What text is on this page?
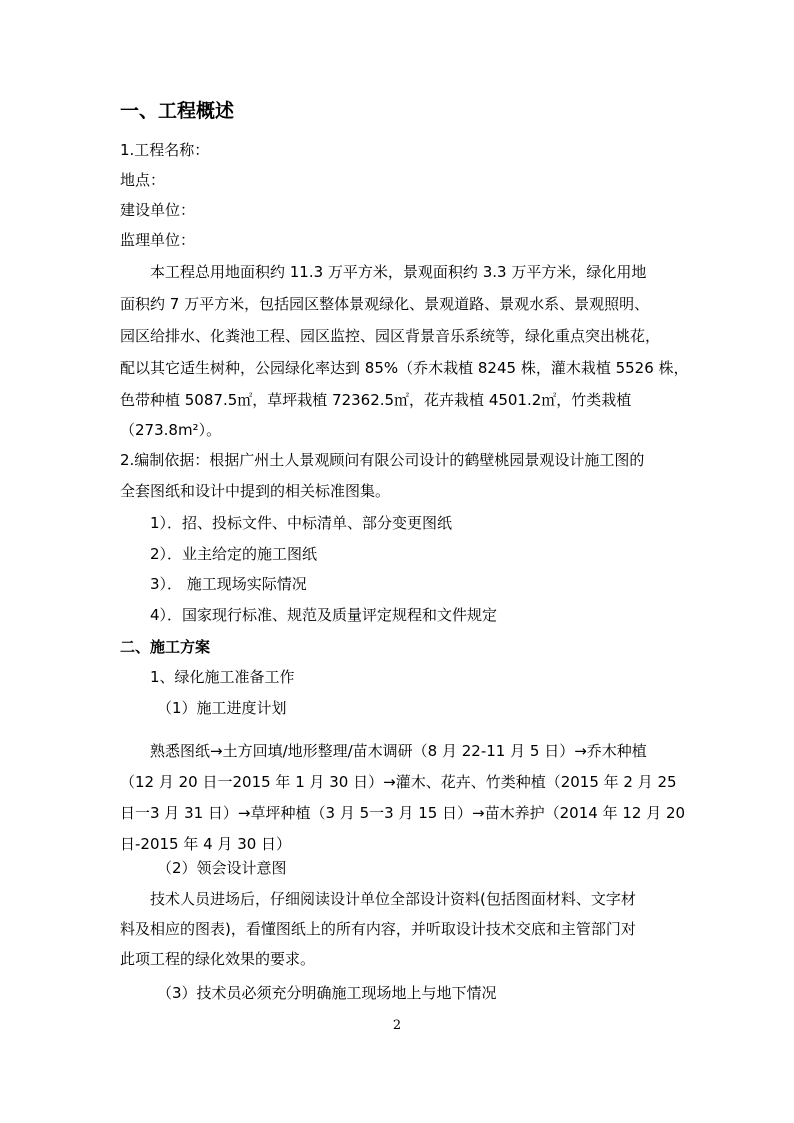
一、工程概述
1.工程名称：
地点：
建设单位：
监理单位：
本工程总用地面积约 11.3 万平方米，景观面积约 3.3 万平方米，绿化用地
面积约 7 万平方米，包括园区整体景观绿化、景观道路、景观水系、景观照明、
园区给排水、化粪池工程、园区监控、园区背景音乐系统等，绿化重点突出桃花，
配以其它适生树种，公园绿化率达到 85%（乔木栽植 8245 株，灌木栽植 5526 株，
色带种植 5087.5㎡，草坪栽植 72362.5㎡，花卉栽植 4501.2㎡，竹类栽植
（273.8m²）。
2.编制依据：根据广州土人景观顾问有限公司设计的鹤壁桃园景观设计施工图的
全套图纸和设计中提到的相关标准图集。
1）．招、投标文件、中标清单、部分变更图纸
2）．业主给定的施工图纸
3）． 施工现场实际情况
4）．国家现行标准、规范及质量评定规程和文件规定
二、施工方案
1、绿化施工准备工作
（1）施工进度计划
熟悉图纸→土方回填/地形整理/苗木调研（8 月 22-11 月 5 日）→乔木种植
（12 月 20 日一2015 年 1 月 30 日）→灌木、花卉、竹类种植（2015 年 2 月 25
日一3 月 31 日）→草坪种植（3 月 5一3 月 15 日）→苗木养护（2014 年 12 月 20
日-2015 年 4 月 30 日）
（2）领会设计意图
技术人员进场后，仔细阅读设计单位全部设计资料(包括图面材料、文字材
料及相应的图表)，看懂图纸上的所有内容，并听取设计技术交底和主管部门对
此项工程的绿化效果的要求。
（3）技术员必须充分明确施工现场地上与地下情况
2
